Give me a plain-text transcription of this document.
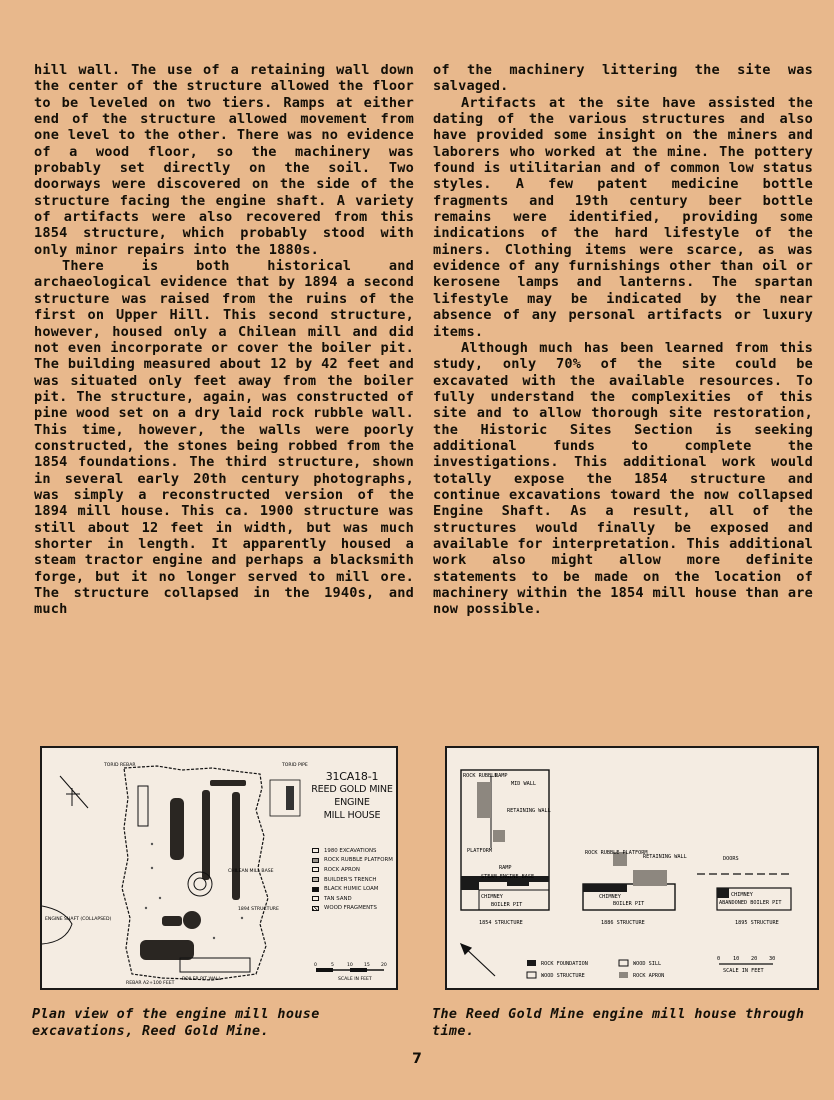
hill wall. The use of a retaining wall down the center of the structure allowed the floor to be leveled on two tiers. Ramps at either end of the structure allowed movement from one level to the other. There was no evidence of a wood floor, so the machinery was probably set directly on the soil. Two doorways were discovered on the side of the structure facing the engine shaft. A variety of artifacts were also recovered from this 1854 structure, which probably stood with only minor repairs into the 1880s.

There is both historical and archaeological evidence that by 1894 a second structure was raised from the ruins of the first on Upper Hill. This second structure, however, housed only a Chilean mill and did not even incorporate or cover the boiler pit. The building measured about 12 by 42 feet and was situated only feet away from the boiler pit. The structure, again, was constructed of pine wood set on a dry laid rock rubble wall. This time, however, the walls were poorly constructed, the stones being robbed from the 1854 foundations. The third structure, shown in several early 20th century photographs, was simply a reconstructed version of the 1894 mill house. This ca. 1900 structure was still about 12 feet in width, but was much shorter in length. It apparently housed a steam tractor engine and perhaps a blacksmith forge, but it no longer served to mill ore. The structure collapsed in the 1940s, and much

of the machinery littering the site was salvaged.

Artifacts at the site have assisted the dating of the various structures and also have provided some insight on the miners and laborers who worked at the mine. The pottery found is utilitarian and of common low status styles. A few patent medicine bottle fragments and 19th century beer bottle remains were identified, providing some indications of the hard lifestyle of the miners. Clothing items were scarce, as was evidence of any furnishings other than oil or kerosene lamps and lanterns. The spartan lifestyle may be indicated by the near absence of any personal artifacts or luxury items.

Although much has been learned from this study, only 70% of the site could be excavated with the available resources. To fully understand the complexities of this site and to allow thorough site restoration, the Historic Sites Section is seeking additional funds to complete the investigations. This additional work would totally expose the 1854 structure and continue excavations toward the now collapsed Engine Shaft. As a result, all of the structures would finally be exposed and available for interpretation. This additional work also might allow more definite statements to be made on the location of machinery within the 1854 mill house than are now possible.

ENGINE SHAFT (COLLAPSED)
TORID REBAR	TORID PIPE
CHILEAN MILL BASE
1894 STRUCTURE
REBAR A2+100 FEET
BOILER PIT WALL
0	5	10 15 20
SCALE IN FEET
31CA18-1
REED GOLD MINE
ENGINE
MILL HOUSE
1980 EXCAVATIONS
ROCK RUBBLE PLATFORM
ROCK APRON
BUILDER'S TRENCH
BLACK HUMIC LOAM
TAN SAND
WOOD FRAGMENTS
ROCK RUBBLE
RAMP
MID WALL
RETAINING WALL
PLATFORM
RAMP
STEAM ENGINE BASE
CHIMNEY
BOILER PIT
1854 STRUCTURE
ROCK RUBBLE PLATFORM
RETAINING WALL
CHIMNEY
BOILER PIT
1886 STRUCTURE
DOORS
CHIMNEY
ABANDONED BOILER PIT
1895 STRUCTURE
ROCK FOUNDATION	WOOD SILL
WOOD STRUCTURE	ROCK APRON
0 10 20 30
SCALE IN FEET
Plan view of the engine mill house excavations, Reed Gold Mine.
The Reed Gold Mine engine mill house through time.
7
